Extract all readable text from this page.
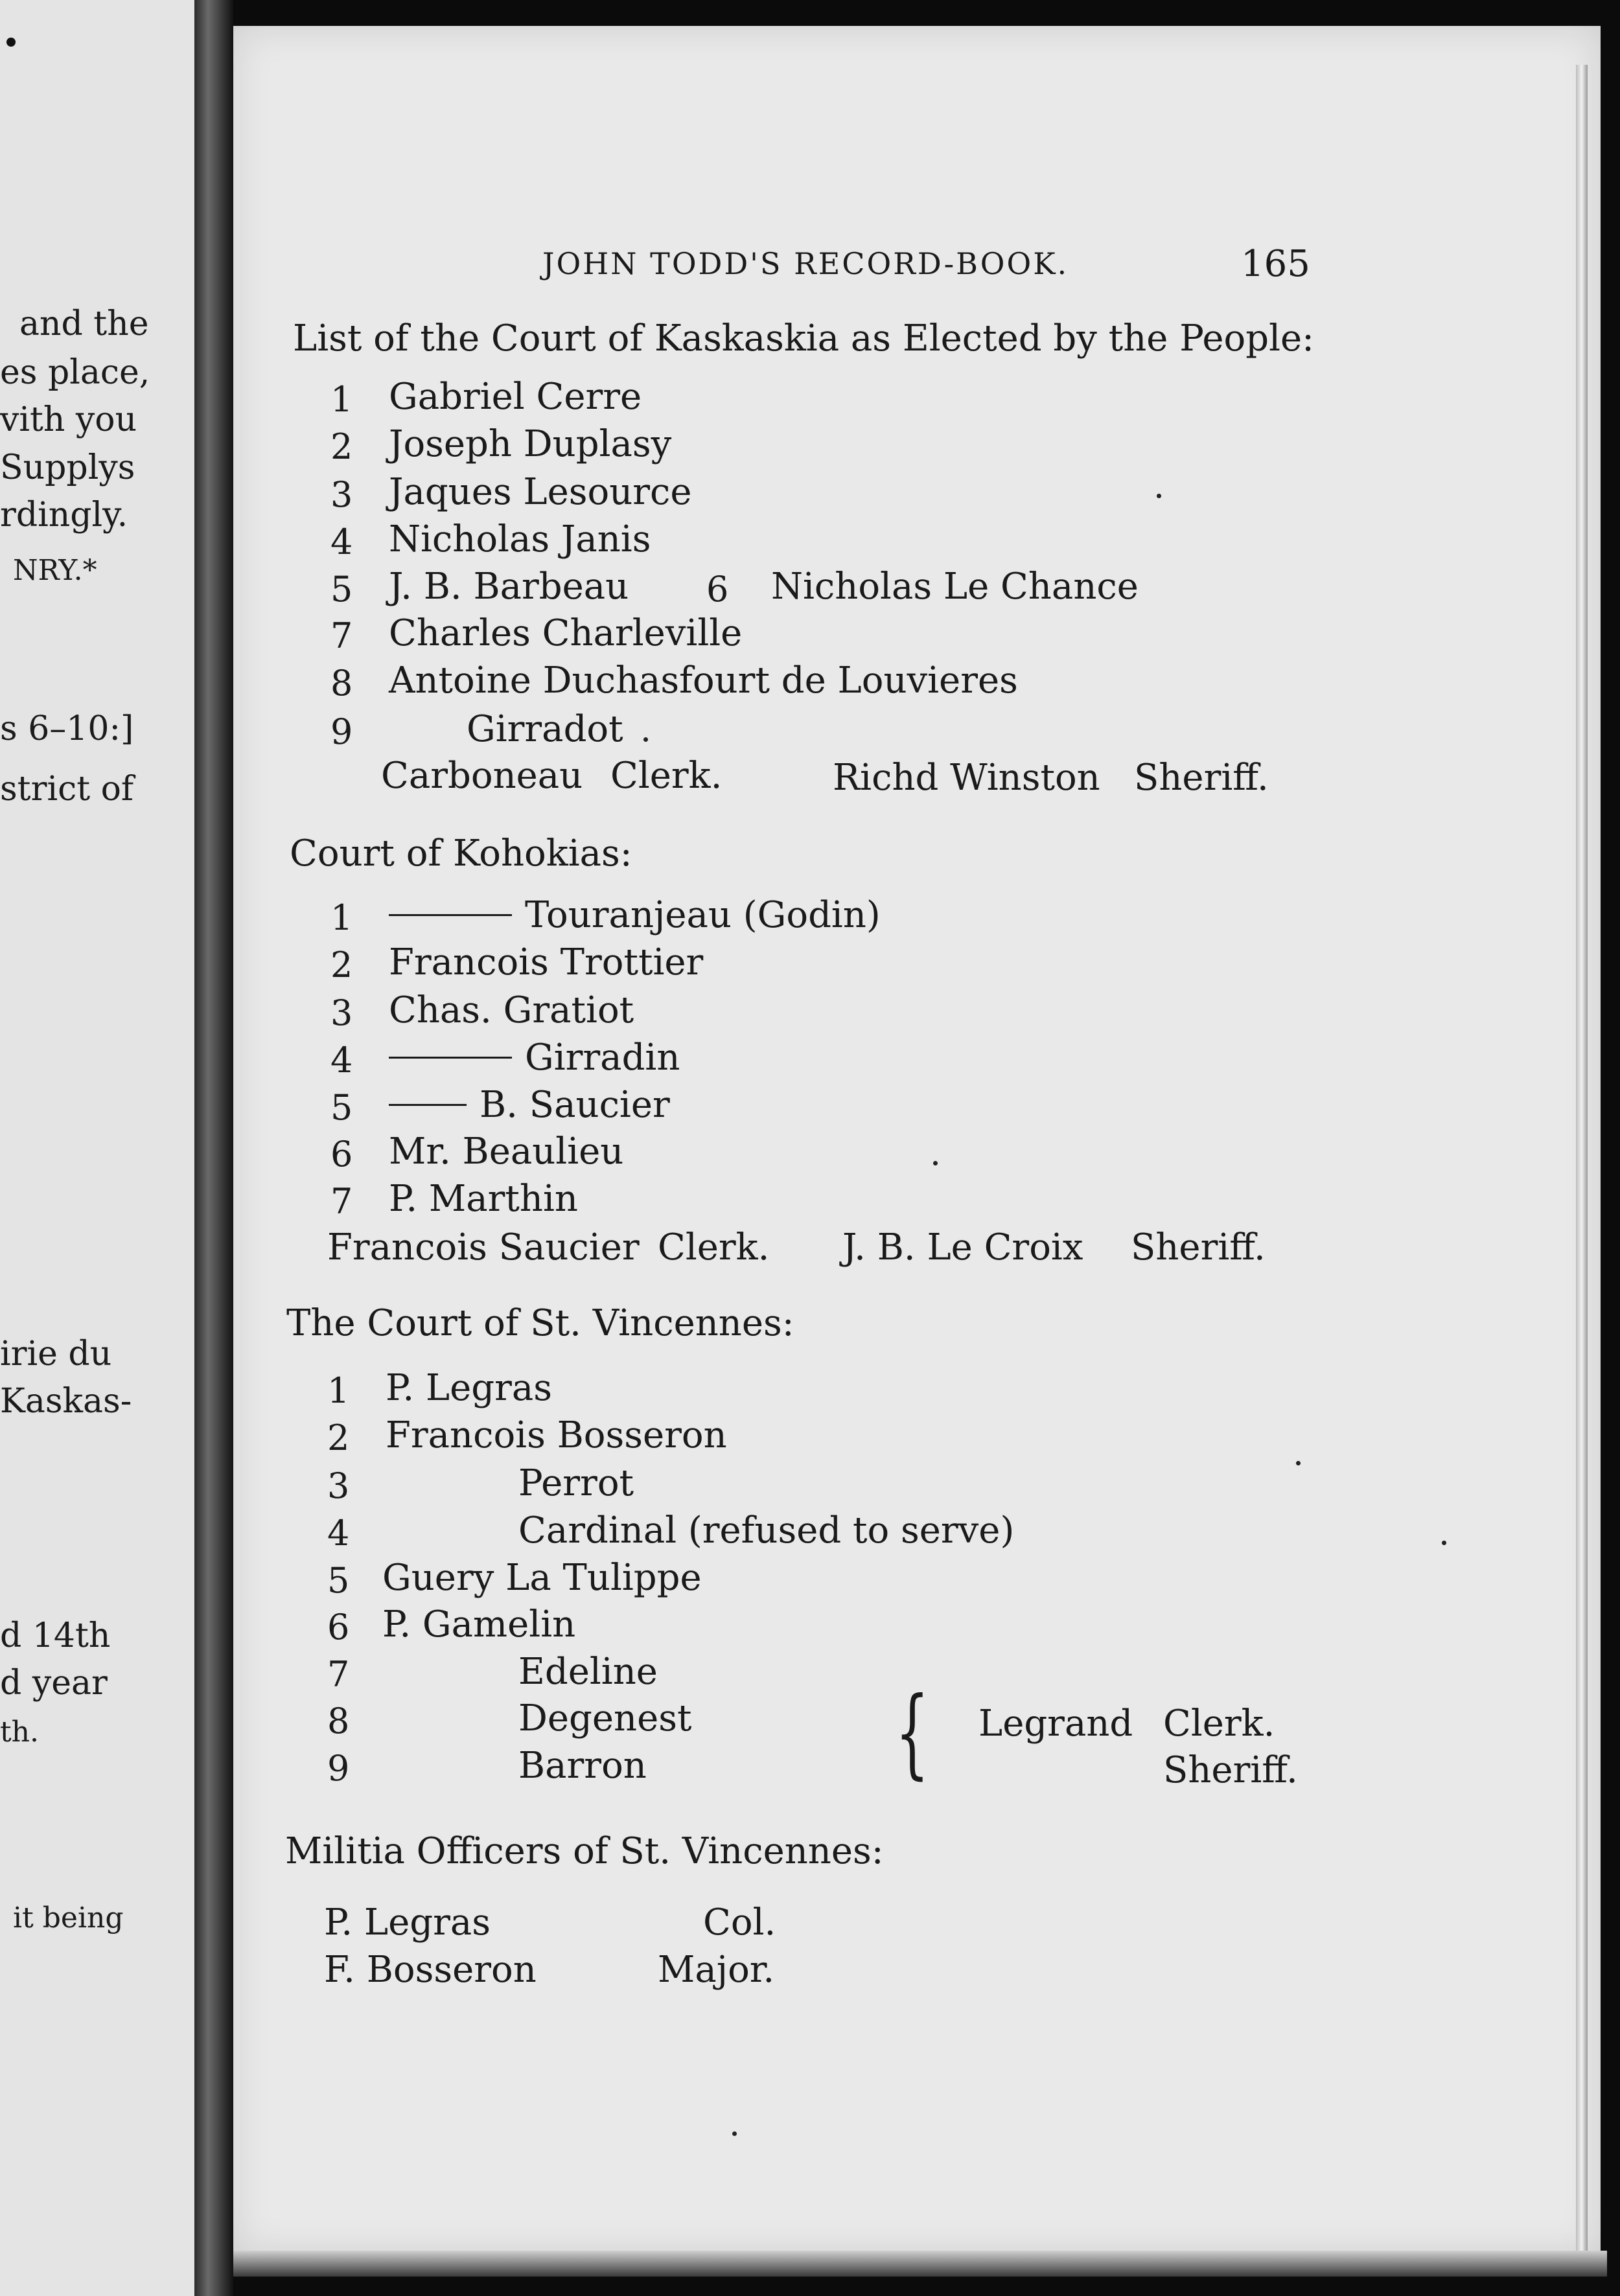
and the
es place,
vith you
Supplys
rdingly.
NRY.*
s 6–10:]
strict of
irie du
Kaskas-
d 14th
d year
th.
it being
JOHN TODD'S RECORD-BOOK.	165
List of the Court of Kaskaskia as Elected by the People:
1 Gabriel Cerre
2 Joseph Duplasy
3 Jaques Lesource
4 Nicholas Janis
5 J. B. Barbeau 6 Nicholas Le Chance
7 Charles Charleville
8 Antoine Duchasfourt de Louvieres
9	Girradot
Carboneau Clerk.	Richd Winston Sheriff.
Court of Kohokias:
1	Touranjeau (Godin)
2 Francois Trottier
3 Chas. Gratiot
4	Girradin
5	B. Saucier
6 Mr. Beaulieu
7 P. Marthin
Francois Saucier Clerk. J. B. Le Croix Sheriff.
The Court of St. Vincennes:
1 P. Legras
2 Francois Bosseron
3	Perrot
4	Cardinal (refused to serve)
5 Guery La Tulippe
6 P. Gamelin
7	Edeline
8	Degenest
9	Barron	{ Legrand Clerk.
Sheriff.
Militia Officers of St. Vincennes:
P. Legras	Col.
F. Bosseron	Major.
